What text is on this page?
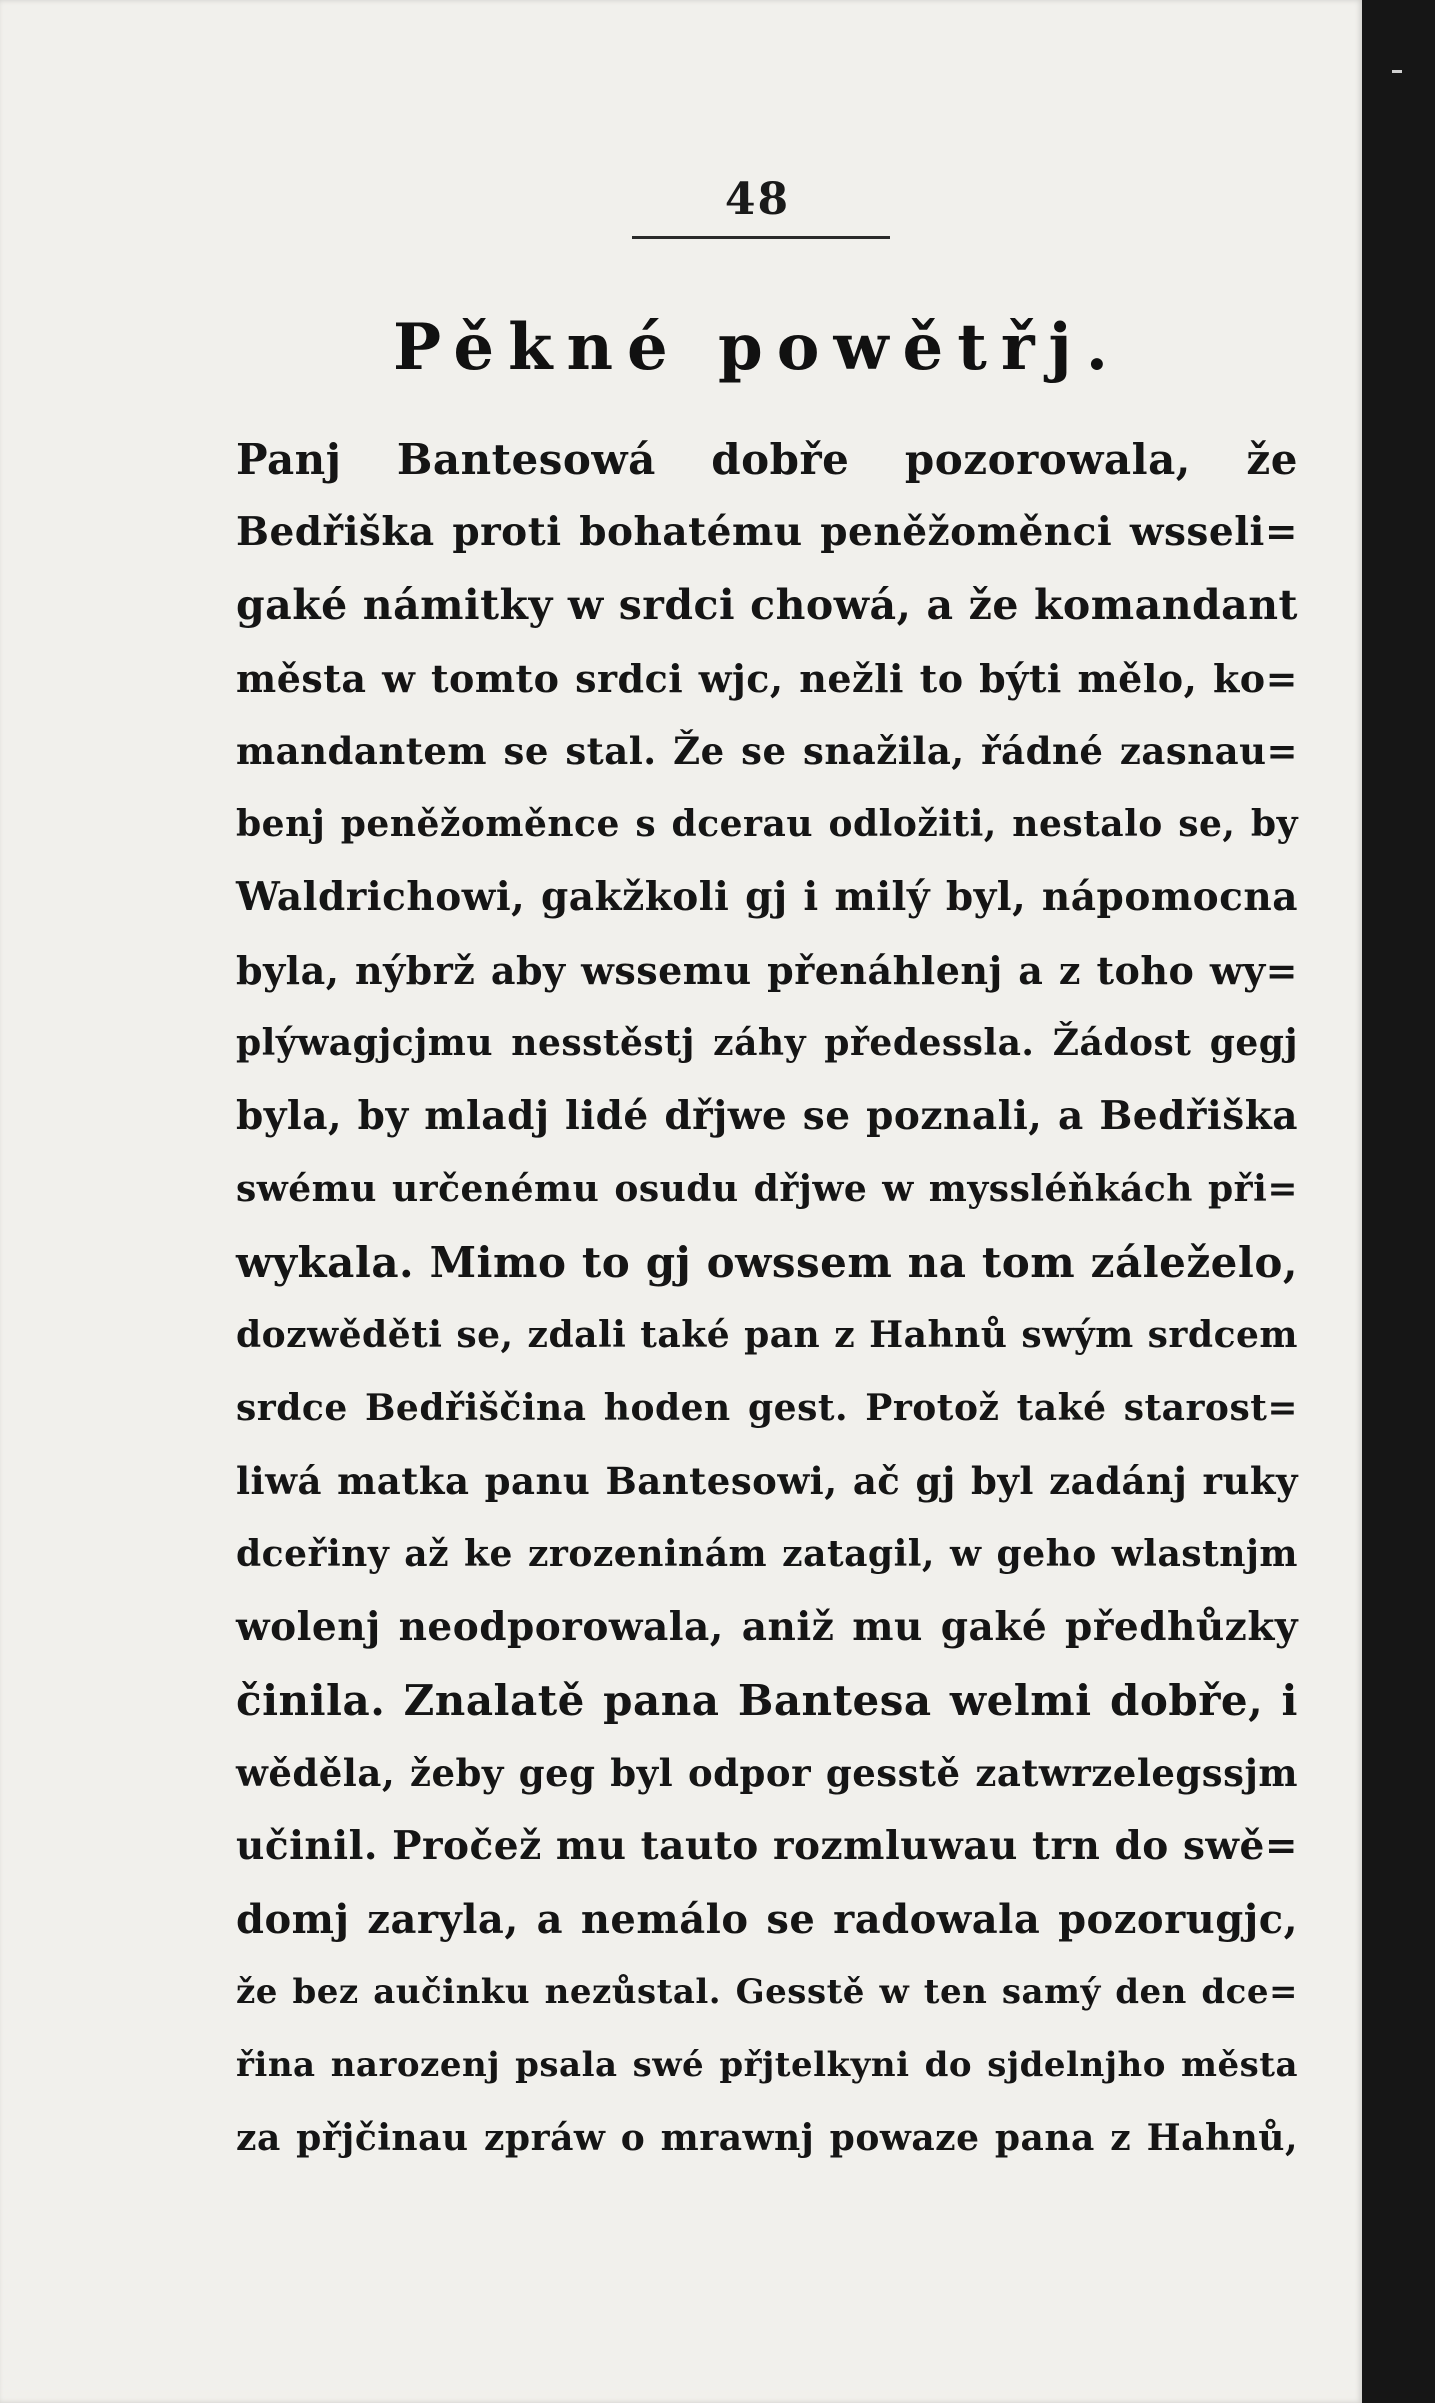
48
Pěkné powětřj.
Panj Bantesowá dobře pozorowala, že
Bedřiška proti bohatému peněžoměnci wsseli=
gaké námitky w srdci chowá, a že komandant
města w tomto srdci wjc, nežli to býti mělo, ko=
mandantem se stal. Že se snažila, řádné zasnau=
benj peněžoměnce s dcerau odložiti, nestalo se, by
Waldrichowi, gakžkoli gj i milý byl, nápomocna
byla, nýbrž aby wssemu přenáhlenj a z toho wy=
plýwagjcjmu nesstěstj záhy předessla. Žádost gegj
byla, by mladj lidé dřjwe se poznali, a Bedřiška
swému určenému osudu dřjwe w myssléňkách při=
wykala. Mimo to gj owssem na tom záleželo,
dozwěděti se, zdali také pan z Hahnů swým srdcem
srdce Bedřiščina hoden gest. Protož také starost=
liwá matka panu Bantesowi, ač gj byl zadánj ruky
dceřiny až ke zrozeninám zatagil, w geho wlastnjm
wolenj neodporowala, aniž mu gaké předhůzky
činila. Znalatě pana Bantesa welmi dobře, i
wěděla, žeby geg byl odpor gesstě zatwrzelegssjm
učinil. Pročež mu tauto rozmluwau trn do swě=
domj zaryla, a nemálo se radowala pozorugjc,
že bez aučinku nezůstal. Gesstě w ten samý den dce=
řina narozenj psala swé přjtelkyni do sjdelnjho města
za přjčinau zpráw o mrawnj powaze pana z Hahnů,
